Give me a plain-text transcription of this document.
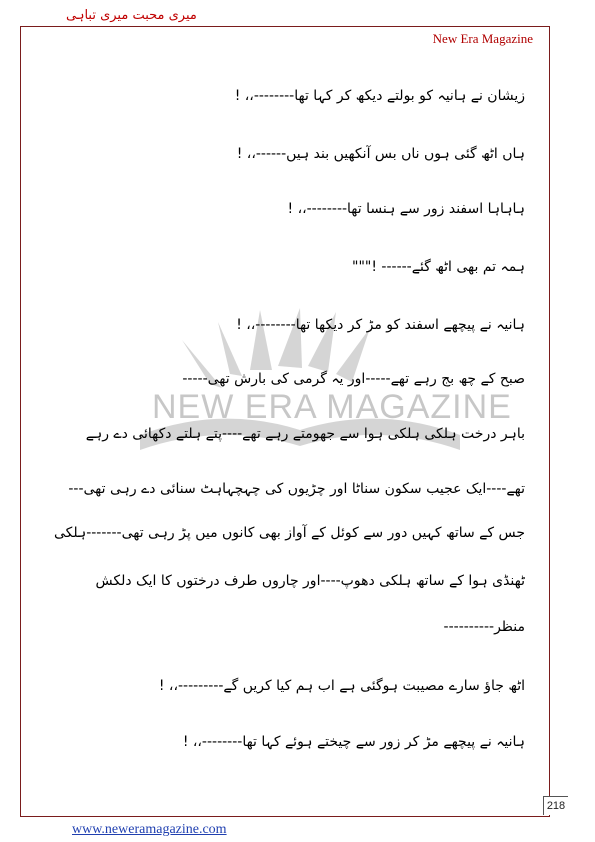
میری محبت میری تباہی
New Era Magazine
NEW ERA MAGAZINE
زیشان نے ہانیہ کو بولتے دیکھ کر کہا تھا--------،، !
ہاں اٹھ گئی ہوں ناں بس آنکھیں بند ہیں------،، !
ہاہاہا اسفند زور سے ہنسا تھا--------،، !
ہمہ تم بھی اٹھ گئے------ !"""
ہانیہ نے پیچھے اسفند کو مڑ کر دیکھا تھا--------،، !
صبح کے چھ بج رہے تھے-----اور یہ گرمی کی بارش تھی-----
باہر درخت ہلکی ہلکی ہوا سے جھومتے رہے تھے----پتے ہلتے دکھائی دے رہے
تھے----ایک عجیب سکون سناٹا اور چڑیوں کی چہچہاہٹ سنائی دے رہی تھی---
جس کے ساتھ کہیں دور سے کوئل کے آواز بھی کانوں میں پڑ رہی تھی-------ہلکی
ٹھنڈی ہوا کے ساتھ ہلکی دھوپ----اور چاروں طرف درختوں کا ایک دلکش
منظر----------
اٹھ جاؤ سارے مصیبت ہوگئی ہے اب ہم کیا کریں گے---------،، !
ہانیہ نے پیچھے مڑ کر زور سے چیختے ہوئے کہا تھا--------،، !
218
www.neweramagazine.com
